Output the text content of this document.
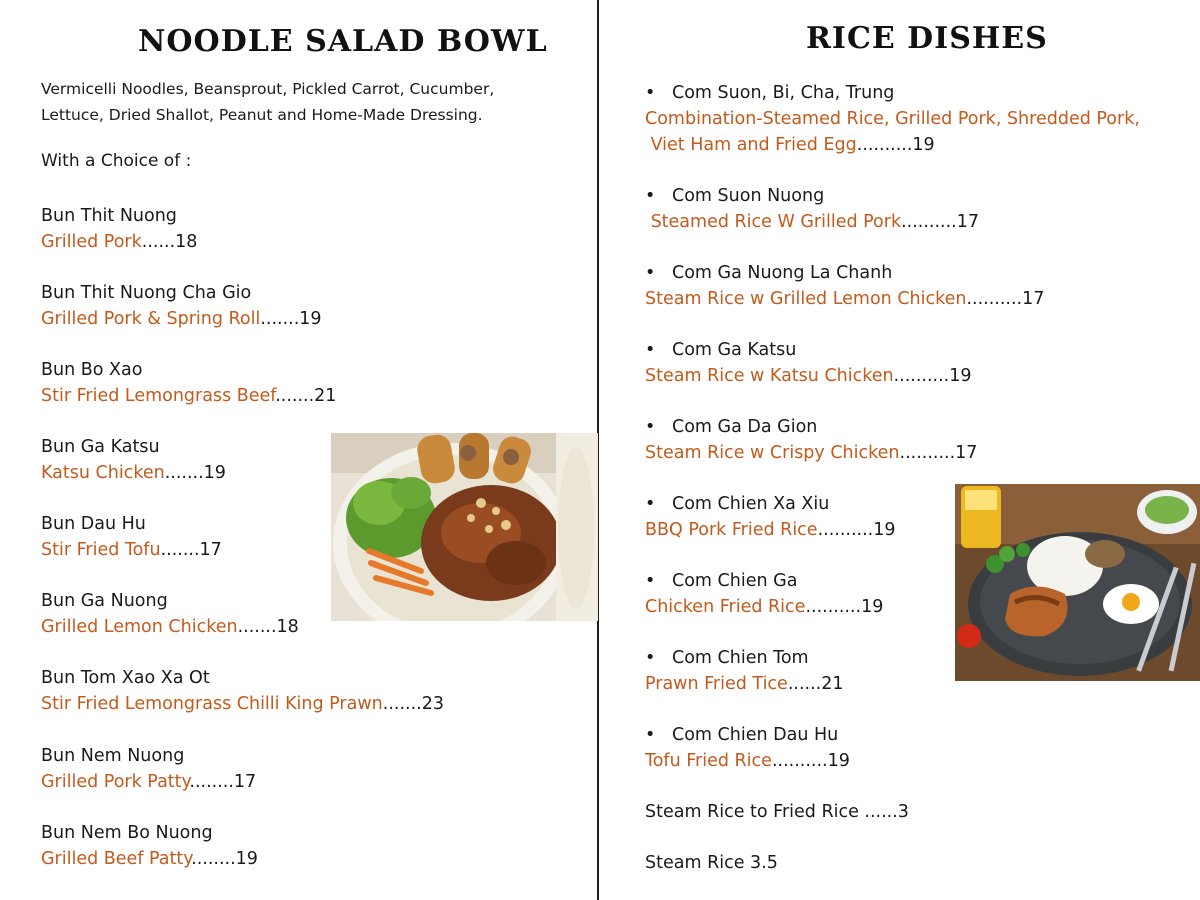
NOODLE SALAD BOWL
Vermicelli Noodles, Beansprout, Pickled Carrot, Cucumber, Lettuce, Dried Shallot, Peanut and Home-Made Dressing.
With a Choice of :
Bun Thit Nuong
Grilled Pork......18
Bun Thit Nuong Cha Gio
Grilled Pork & Spring Roll.......19
Bun Bo Xao
Stir Fried Lemongrass Beef.......21
Bun Ga Katsu
Katsu Chicken.......19
Bun Dau Hu
Stir Fried Tofu.......17
Bun Ga Nuong
Grilled Lemon Chicken.......18
Bun Tom Xao Xa Ot
Stir Fried Lemongrass Chilli King Prawn.......23
Bun Nem Nuong
Grilled Pork Patty........17
Bun Nem Bo Nuong
Grilled Beef Patty........19
RICE DISHES
• Com Suon, Bi, Cha, Trung
Combination-Steamed Rice, Grilled Pork, Shredded Pork,
Viet Ham and Fried Egg..........19
• Com Suon Nuong
Steamed Rice W Grilled Pork..........17
• Com Ga Nuong La Chanh
Steam Rice w Grilled Lemon Chicken..........17
• Com Ga Katsu
Steam Rice w Katsu Chicken..........19
• Com Ga Da Gion
Steam Rice w Crispy Chicken..........17
• Com Chien Xa Xiu
BBQ Pork Fried Rice..........19
• Com Chien Ga
Chicken Fried Rice..........19
• Com Chien Tom
Prawn Fried Tice......21
• Com Chien Dau Hu
Tofu Fried Rice..........19
Steam Rice to Fried Rice ......3
Steam Rice 3.5
